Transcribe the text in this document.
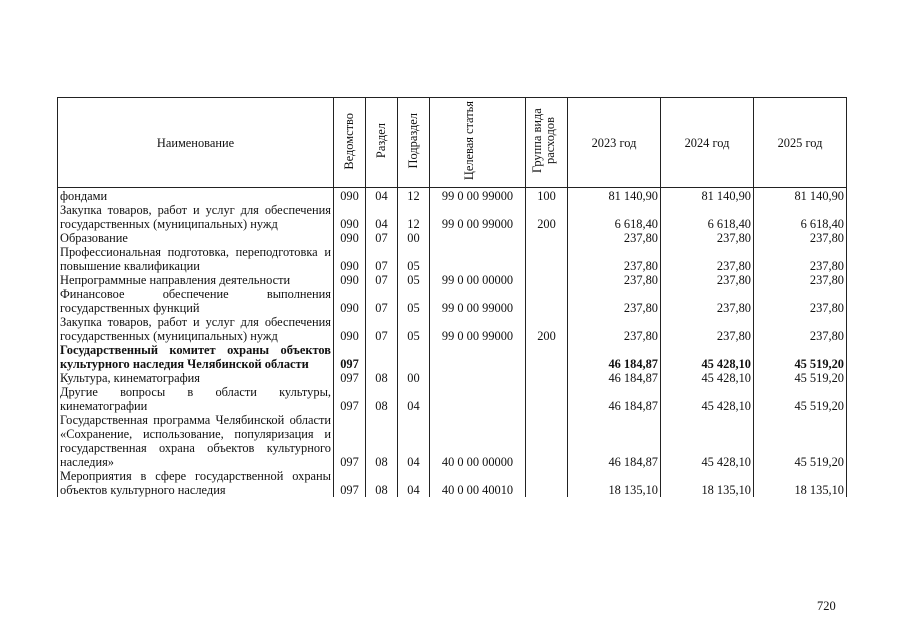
Наименование	Ведомство	Раздел	Подраздел	Целевая статья	Группа вида расходов	2023 год	2024 год	2025 год
фондами	090	04	12	99 0 00 99000	100	81 140,90	81 140,90	81 140,90
Закупка товаров, работ и услуг для обеспечения государственных (муниципальных) нужд	090	04	12	99 0 00 99000	200	6 618,40	6 618,40	6 618,40
Образование	090	07	00			237,80	237,80	237,80
Профессиональная подготовка, переподготовка и повышение квалификации	090	07	05			237,80	237,80	237,80
Непрограммные направления деятельности	090	07	05	99 0 00 00000		237,80	237,80	237,80
Финансовое обеспечение выполнения государственных функций	090	07	05	99 0 00 99000		237,80	237,80	237,80
Закупка товаров, работ и услуг для обеспечения государственных (муниципальных) нужд	090	07	05	99 0 00 99000	200	237,80	237,80	237,80
Государственный комитет охраны объектов культурного наследия Челябинской области	097					46 184,87	45 428,10	45 519,20
Культура, кинематография	097	08	00			46 184,87	45 428,10	45 519,20
Другие вопросы в области культуры, кинематографии	097	08	04			46 184,87	45 428,10	45 519,20
Государственная программа Челябинской области «Сохранение, использование, популяризация и государственная охрана объектов культурного наследия»	097	08	04	40 0 00 00000		46 184,87	45 428,10	45 519,20
Мероприятия в сфере государственной охраны объектов культурного наследия	097	08	04	40 0 00 40010		18 135,10	18 135,10	18 135,10
720
